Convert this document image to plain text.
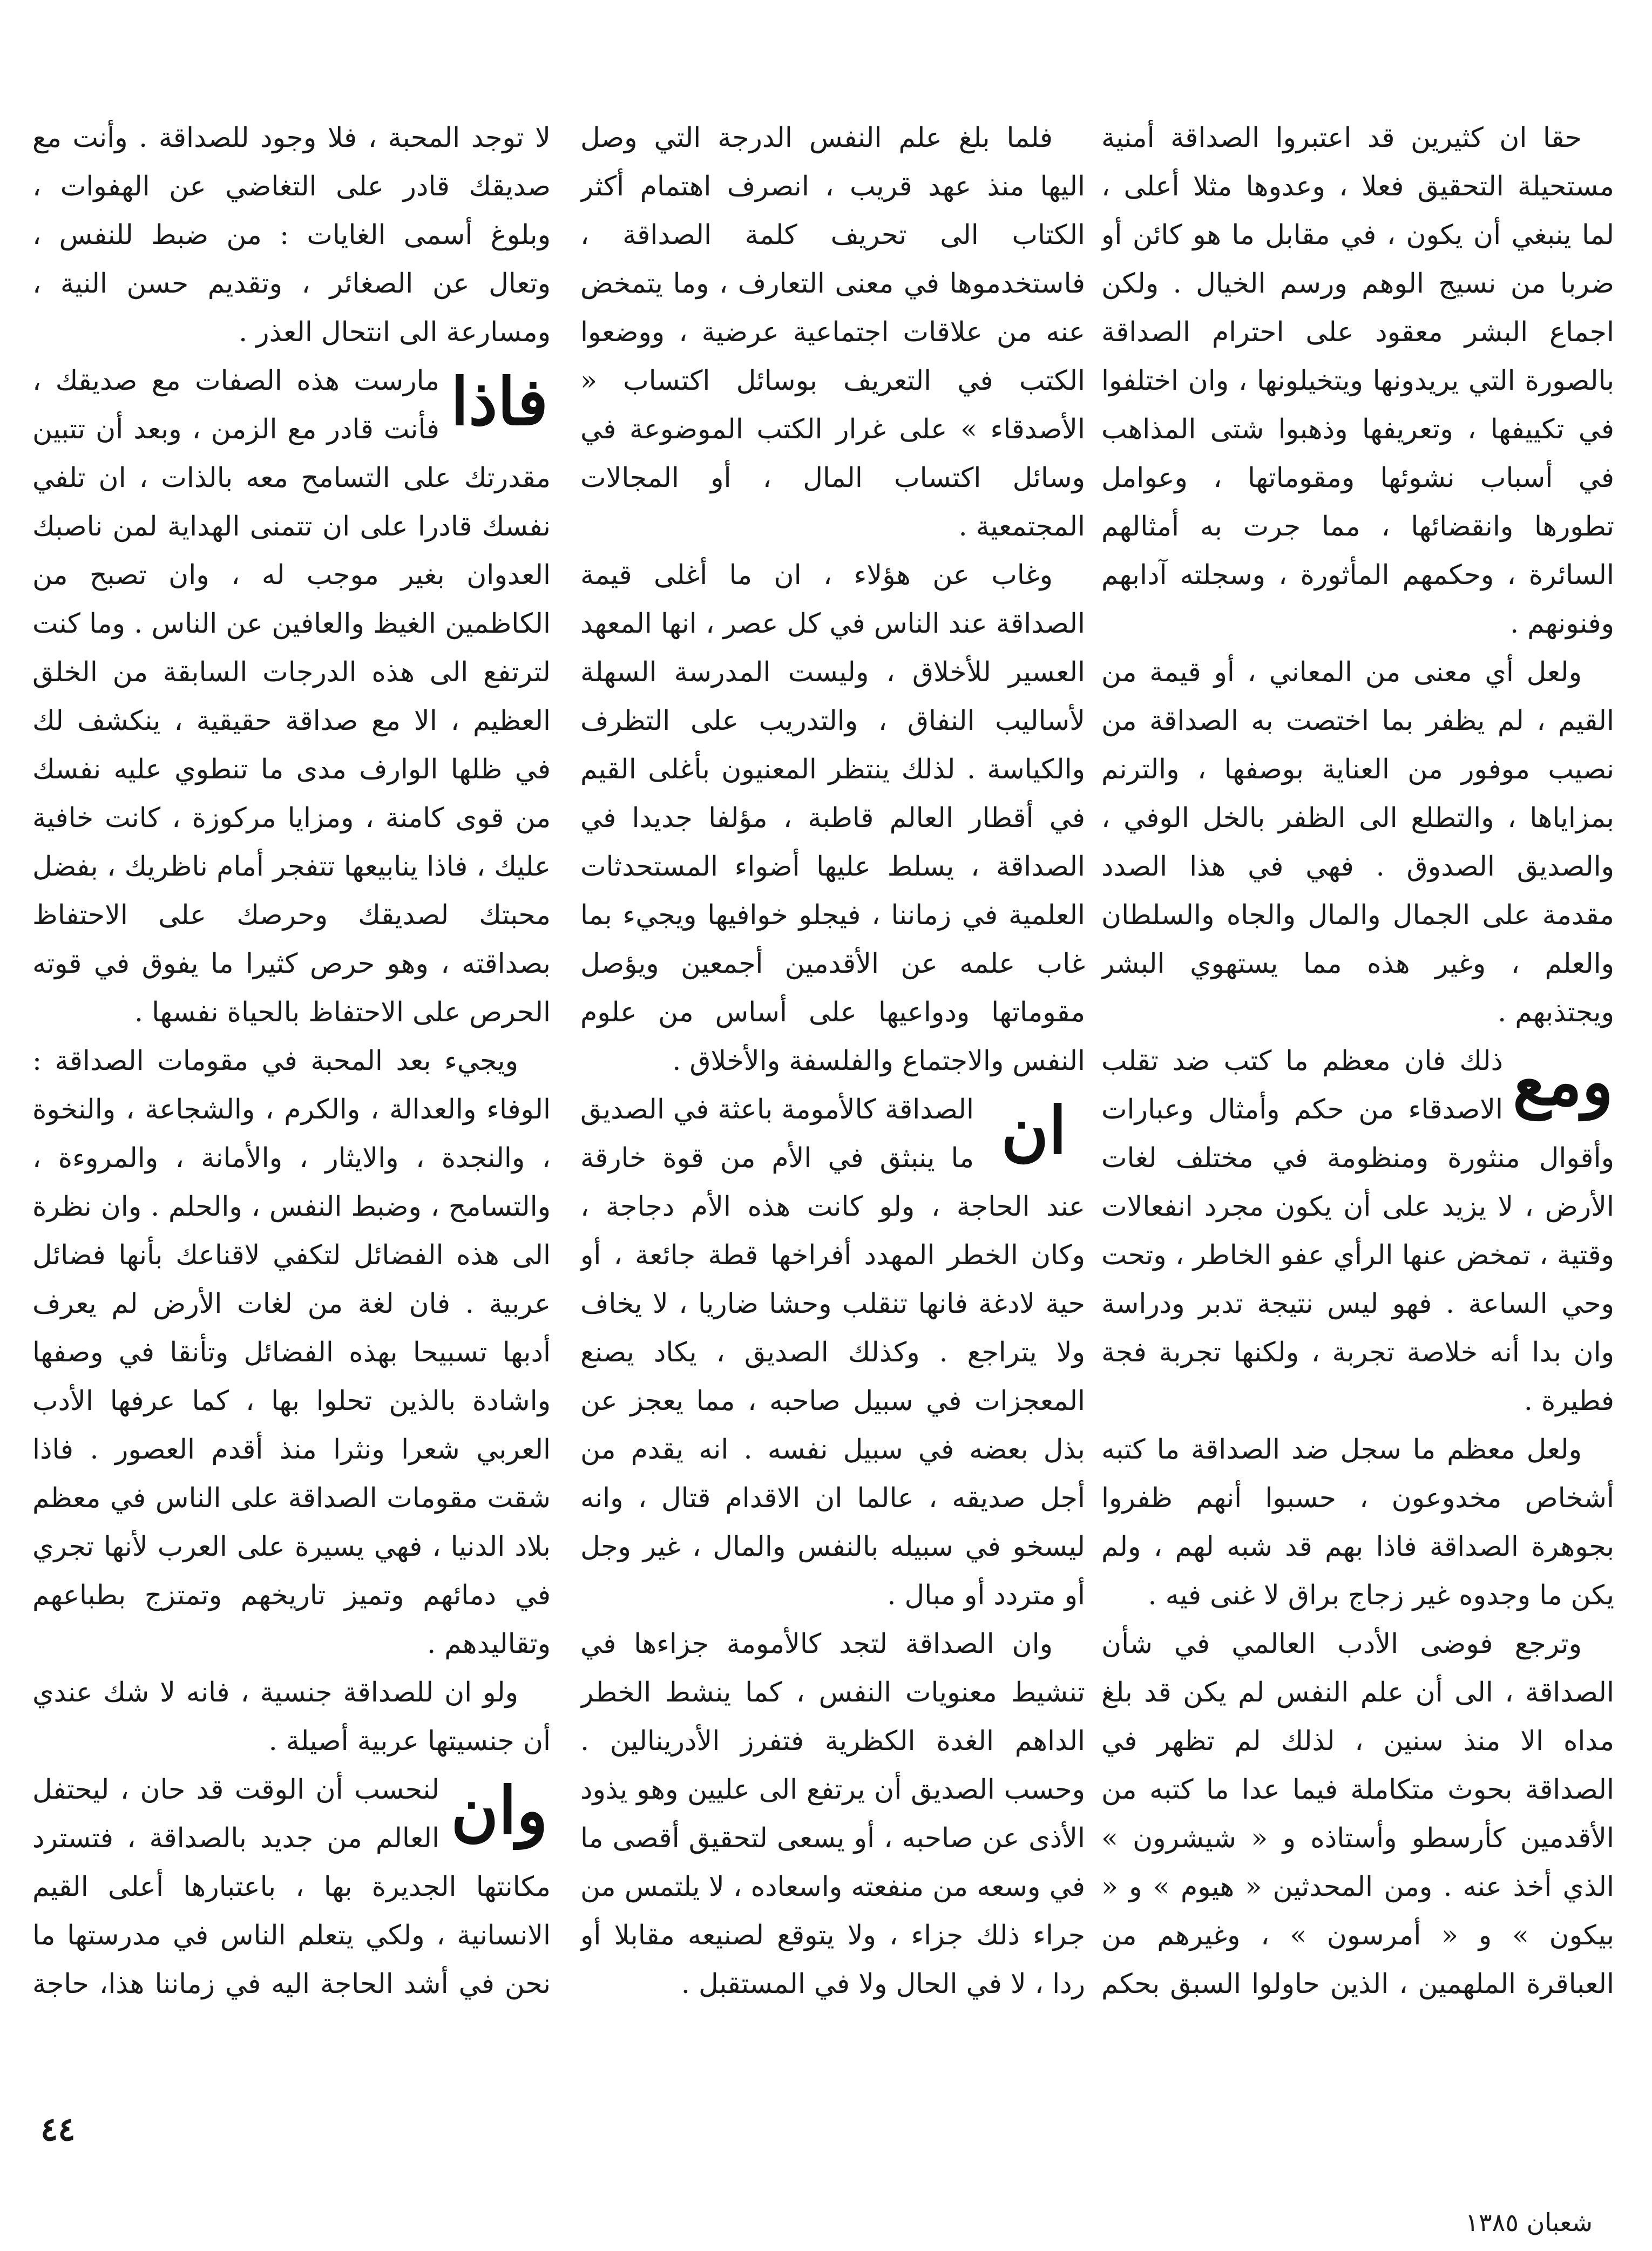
حقا ان كثيرين قد اعتبروا الصداقة أمنية مستحيلة التحقيق فعلا ، وعدوها مثلا أعلى ، لما ينبغي أن يكون ، في مقابل ما هو كائن أو ضربا من نسيج الوهم ورسم الخيال . ولكن اجماع البشر معقود على احترام الصداقة بالصورة التي يريدونها ويتخيلونها ، وان اختلفوا في تكييفها ، وتعريفها وذهبوا شتى المذاهب في أسباب نشوئها ومقوماتها ، وعوامل تطورها وانقضائها ، مما جرت به أمثالهم السائرة ، وحكمهم المأثورة ، وسجلته آدابهم وفنونهم .

ولعل أي معنى من المعاني ، أو قيمة من القيم ، لم يظفر بما اختصت به الصداقة من نصيب موفور من العناية بوصفها ، والترنم بمزاياها ، والتطلع الى الظفر بالخل الوفي ، والصديق الصدوق . فهي في هذا الصدد مقدمة على الجمال والمال والجاه والسلطان والعلم ، وغير هذه مما يستهوي البشر ويجتذبهم .

ومع
ذلك فان معظم ما كتب ضد تقلب الاصدقاء من حكم وأمثال وعبارات وأقوال منثورة ومنظومة في مختلف لغات الأرض ، لا يزيد على أن يكون مجرد انفعالات وقتية ، تمخض عنها الرأي عفو الخاطر ، وتحت وحي الساعة . فهو ليس نتيجة تدبر ودراسة وان بدا أنه خلاصة تجربة ، ولكنها تجربة فجة فطيرة .

ولعل معظم ما سجل ضد الصداقة ما كتبه أشخاص مخدوعون ، حسبوا أنهم ظفروا بجوهرة الصداقة فاذا بهم قد شبه لهم ، ولم يكن ما وجدوه غير زجاج براق لا غنى فيه .

وترجع فوضى الأدب العالمي في شأن الصداقة ، الى أن علم النفس لم يكن قد بلغ مداه الا منذ سنين ، لذلك لم تظهر في الصداقة بحوث متكاملة فيما عدا ما كتبه من الأقدمين كأرسطو وأستاذه و « شيشرون » الذي أخذ عنه . ومن المحدثين « هيوم » و « بيكون » و « أمرسون » ، وغيرهم من العباقرة الملهمين ، الذين حاولوا السبق بحكم

فلما بلغ علم النفس الدرجة التي وصل اليها منذ عهد قريب ، انصرف اهتمام أكثر الكتاب الى تحريف كلمة الصداقة ، فاستخدموها في معنى التعارف ، وما يتمخض عنه من علاقات اجتماعية عرضية ، ووضعوا الكتب في التعريف بوسائل اكتساب « الأصدقاء » على غرار الكتب الموضوعة في وسائل اكتساب المال ، أو المجالات المجتمعية .

وغاب عن هؤلاء ، ان ما أغلى قيمة الصداقة عند الناس في كل عصر ، انها المعهد العسير للأخلاق ، وليست المدرسة السهلة لأساليب النفاق ، والتدريب على التظرف والكياسة . لذلك ينتظر المعنيون بأغلى القيم في أقطار العالم قاطبة ، مؤلفا جديدا في الصداقة ، يسلط عليها أضواء المستحدثات العلمية في زماننا ، فيجلو خوافيها ويجيء بما غاب علمه عن الأقدمين أجمعين ويؤصل مقوماتها ودواعيها على أساس من علوم النفس والاجتماع والفلسفة والأخلاق .

ان
الصداقة كالأمومة باعثة في الصديق ما ينبثق في الأم من قوة خارقة عند الحاجة ، ولو كانت هذه الأم دجاجة ، وكان الخطر المهدد أفراخها قطة جائعة ، أو حية لادغة فانها تنقلب وحشا ضاريا ، لا يخاف ولا يتراجع . وكذلك الصديق ، يكاد يصنع المعجزات في سبيل صاحبه ، مما يعجز عن بذل بعضه في سبيل نفسه . انه يقدم من أجل صديقه ، عالما ان الاقدام قتال ، وانه ليسخو في سبيله بالنفس والمال ، غير وجل أو متردد أو مبال .

وان الصداقة لتجد كالأمومة جزاءها في تنشيط معنويات النفس ، كما ينشط الخطر الداهم الغدة الكظرية فتفرز الأدرينالين . وحسب الصديق أن يرتفع الى عليين وهو يذود الأذى عن صاحبه ، أو يسعى لتحقيق أقصى ما في وسعه من منفعته واسعاده ، لا يلتمس من جراء ذلك جزاء ، ولا يتوقع لصنيعه مقابلا أو ردا ، لا في الحال ولا في المستقبل .

لا توجد المحبة ، فلا وجود للصداقة . وأنت مع صديقك قادر على التغاضي عن الهفوات ، وبلوغ أسمى الغايات : من ضبط للنفس ، وتعال عن الصغائر ، وتقديم حسن النية ، ومسارعة الى انتحال العذر .

فاذا
مارست هذه الصفات مع صديقك ، فأنت قادر مع الزمن ، وبعد أن تتبين مقدرتك على التسامح معه بالذات ، ان تلفي نفسك قادرا على ان تتمنى الهداية لمن ناصبك العدوان بغير موجب له ، وان تصبح من الكاظمين الغيظ والعافين عن الناس . وما كنت لترتفع الى هذه الدرجات السابقة من الخلق العظيم ، الا مع صداقة حقيقية ، ينكشف لك في ظلها الوارف مدى ما تنطوي عليه نفسك من قوى كامنة ، ومزايا مركوزة ، كانت خافية عليك ، فاذا ينابيعها تتفجر أمام ناظريك ، بفضل محبتك لصديقك وحرصك على الاحتفاظ بصداقته ، وهو حرص كثيرا ما يفوق في قوته الحرص على الاحتفاظ بالحياة نفسها .

ويجيء بعد المحبة في مقومات الصداقة : الوفاء والعدالة ، والكرم ، والشجاعة ، والنخوة ، والنجدة ، والايثار ، والأمانة ، والمروءة ، والتسامح ، وضبط النفس ، والحلم . وان نظرة الى هذه الفضائل لتكفي لاقناعك بأنها فضائل عربية . فان لغة من لغات الأرض لم يعرف أدبها تسبيحا بهذه الفضائل وتأنقا في وصفها واشادة بالذين تحلوا بها ، كما عرفها الأدب العربي شعرا ونثرا منذ أقدم العصور . فاذا شقت مقومات الصداقة على الناس في معظم بلاد الدنيا ، فهي يسيرة على العرب لأنها تجري في دمائهم وتميز تاريخهم وتمتزج بطباعهم وتقاليدهم .

ولو ان للصداقة جنسية ، فانه لا شك عندي أن جنسيتها عربية أصيلة .

وان
لنحسب أن الوقت قد حان ، ليحتفل العالم من جديد بالصداقة ، فتسترد مكانتها الجديرة بها ، باعتبارها أعلى القيم الانسانية ، ولكي يتعلم الناس في مدرستها ما نحن في أشد الحاجة اليه في زماننا هذا، حاجة

٤٤
شعبان ١٣٨٥
